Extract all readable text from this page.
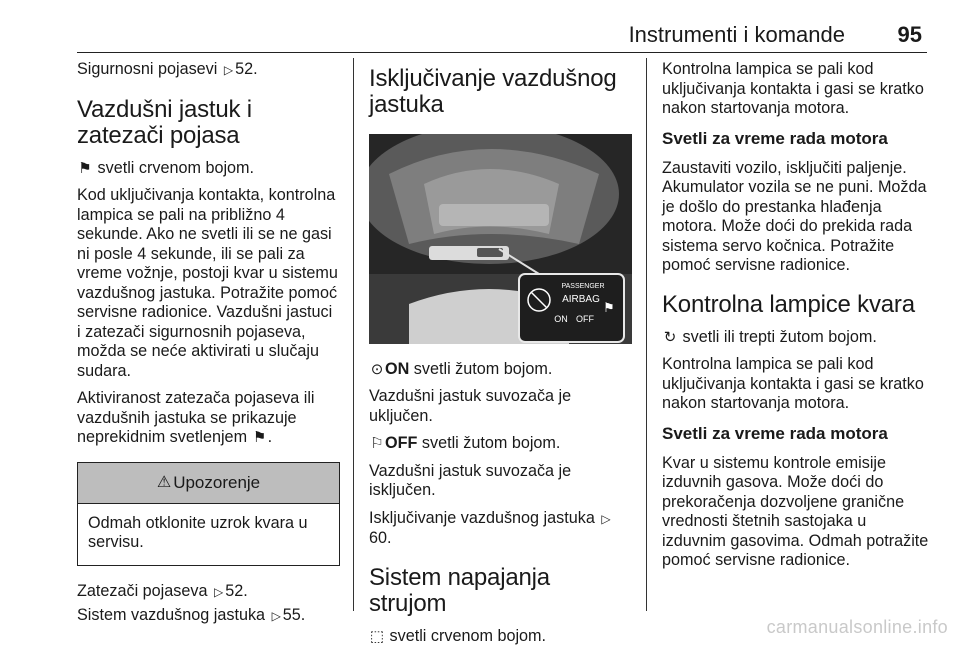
Instrumenti i komande 95

Sigurnosni pojasevi ▷ 52.

Vazdušni jastuk i zatezači pojasa

⚑ svetli crvenom bojom.

Kod uključivanja kontakta, kontrolna lampica se pali na približno 4 sekunde. Ako ne svetli ili se ne gasi ni posle 4 sekunde, ili se pali za vreme vožnje, postoji kvar u sistemu vazdušnog jastuka. Potražite pomoć servisne radionice. Vazdušni jastuci i zatezači sigurnosnih pojaseva, možda se neće aktivirati u slučaju sudara.

Aktiviranost zatezača pojaseva ili vazdušnih jastuka se prikazuje neprekidnim svetlenjem ⚑.

⚠ Upozorenje
Odmah otklonite uzrok kvara u servisu.

Zatezači pojaseva ▷ 52.

Sistem vazdušnog jastuka ▷ 55.

Isključivanje vazdušnog jastuka
PASSENGER
AIRBAG
ON OFF
⚑

⊙ ON svetli žutom bojom.

Vazdušni jastuk suvozača je uključen.

⚐OFF svetli žutom bojom.

Vazdušni jastuk suvozača je isključen.

Isključivanje vazdušnog jastuka ▷60.

Sistem napajanja strujom

⬚ svetli crvenom bojom.

Kontrolna lampica se pali kod uključivanja kontakta i gasi se kratko nakon startovanja motora.

Svetli za vreme rada motora

Zaustaviti vozilo, isključiti paljenje. Akumulator vozila se ne puni. Možda je došlo do prestanka hlađenja motora. Može doći do prekida rada sistema servo kočnica. Potražite pomoć servisne radionice.

Kontrolna lampice kvara

↻ svetli ili trepti žutom bojom.

Kontrolna lampica se pali kod uključivanja kontakta i gasi se kratko nakon startovanja motora.

Svetli za vreme rada motora

Kvar u sistemu kontrole emisije izduvnih gasova. Može doći do prekoračenja dozvoljene granične vrednosti štetnih sastojaka u izduvnim gasovima. Odmah potražite pomoć servisne radionice.

carmanualsonline.info
